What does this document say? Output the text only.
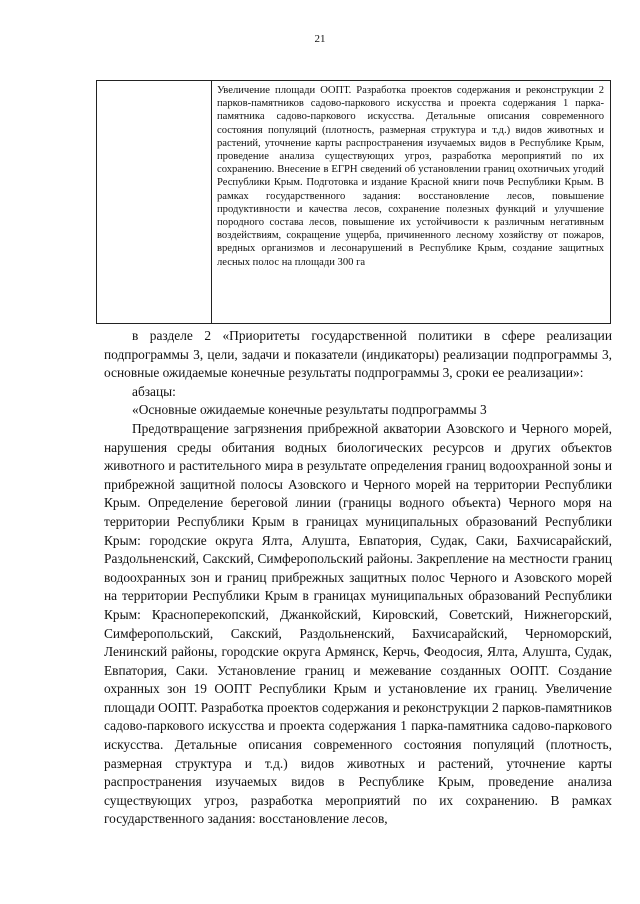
21
Увеличение площади ООПТ. Разработка проектов содержания и реконструкции 2 парков-памятников садово-паркового искусства и проекта содержания 1 парка-памятника садово-паркового искусства. Детальные описания современного состояния популяций (плотность, размерная структура и т.д.) видов животных и растений, уточнение карты распространения изучаемых видов в Республике Крым, проведение анализа существующих угроз, разработка мероприятий по их сохранению. Внесение в ЕГРН сведений об установлении границ охотничьих угодий Республики Крым. Подготовка и издание Красной книги почв Республики Крым. В рамках государственного задания: восстановление лесов, повышение продуктивности и качества лесов, сохранение полезных функций и улучшение породного состава лесов, повышение их устойчивости к различным негативным воздействиям, сокращение ущерба, причиненного лесному хозяйству от пожаров, вредных организмов и лесонарушений в Республике Крым, создание защитных лесных полос на площади 300 га

в разделе 2 «Приоритеты государственной политики в сфере реализации подпрограммы 3, цели, задачи и показатели (индикаторы) реализации подпрограммы 3, основные ожидаемые конечные результаты подпрограммы 3, сроки ее реализации»:

абзацы:

«Основные ожидаемые конечные результаты подпрограммы 3

Предотвращение загрязнения прибрежной акватории Азовского и Черного морей, нарушения среды обитания водных биологических ресурсов и других объектов животного и растительного мира в результате определения границ водоохранной зоны и прибрежной защитной полосы Азовского и Черного морей на территории Республики Крым. Определение береговой линии (границы водного объекта) Черного моря на территории Республики Крым в границах муниципальных образований Республики Крым: городские округа Ялта, Алушта, Евпатория, Судак, Саки, Бахчисарайский, Раздольненский, Сакский, Симферопольский районы. Закрепление на местности границ водоохранных зон и границ прибрежных защитных полос Черного и Азовского морей на территории Республики Крым в границах муниципальных образований Республики Крым: Красноперекопский, Джанкойский, Кировский, Советский, Нижнегорский, Симферопольский, Сакский, Раздольненский, Бахчисарайский, Черноморский, Ленинский районы, городские округа Армянск, Керчь, Феодосия, Ялта, Алушта, Судак, Евпатория, Саки. Установление границ и межевание созданных ООПТ. Создание охранных зон 19 ООПТ Республики Крым и установление их границ. Увеличение площади ООПТ. Разработка проектов содержания и реконструкции 2 парков-памятников садово-паркового искусства и проекта содержания 1 парка-памятника садово-паркового искусства. Детальные описания современного состояния популяций (плотность, размерная структура и т.д.) видов животных и растений, уточнение карты распространения изучаемых видов в Республике Крым, проведение анализа существующих угроз, разработка мероприятий по их сохранению. В рамках государственного задания: восстановление лесов,
